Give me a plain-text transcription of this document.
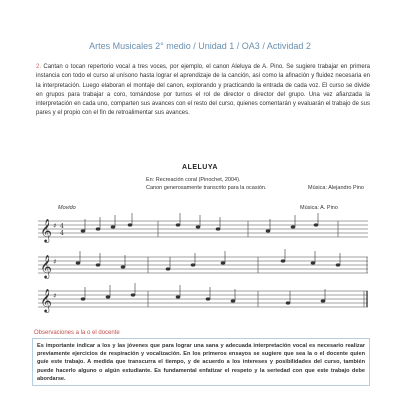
Artes Musicales 2° medio / Unidad 1 / OA3 / Actividad 2
2. Cantan o tocan repertorio vocal a tres voces, por ejemplo, el canon Aleluya de A. Pino. Se sugiere trabajar en primera instancia con todo el curso al unísono hasta lograr el aprendizaje de la canción, así como la afinación y fluidez necesaria en la interpretación. Luego elaboran el montaje del canon, explorando y practicando la entrada de cada voz. El curso se divide en grupos para trabajar a coro, tomándose por turnos el rol de director o director del grupo. Una vez afianzada la interpretación en cada uno, comparten sus avances con el resto del curso, quienes comentarán y evaluarán el trabajo de sus pares y el propio con el fin de retroalimentar sus avances.
ALELUYA
En: Recreación coral (Pinochet, 2004).
Canon generosamente transcrito para la ocasión.	Música: Alejandro Pino
Movido	Música: A. Pino
𝄞 ♯ 4
4
𝄞 ♯
𝄞 ♯
Observaciones a la o el docente
Es importante indicar a los y las jóvenes que para lograr una sana y adecuada interpretación vocal es necesario realizar previamente ejercicios de respiración y vocalización. En los primeros ensayos se sugiere que sea la o el docente quien guíe este trabajo. A medida que transcurra el tiempo, y de acuerdo a los intereses y posibilidades del curso, también puede hacerlo alguno o algún estudiante. Es fundamental enfatizar el respeto y la seriedad con que este trabajo debe abordarse.
